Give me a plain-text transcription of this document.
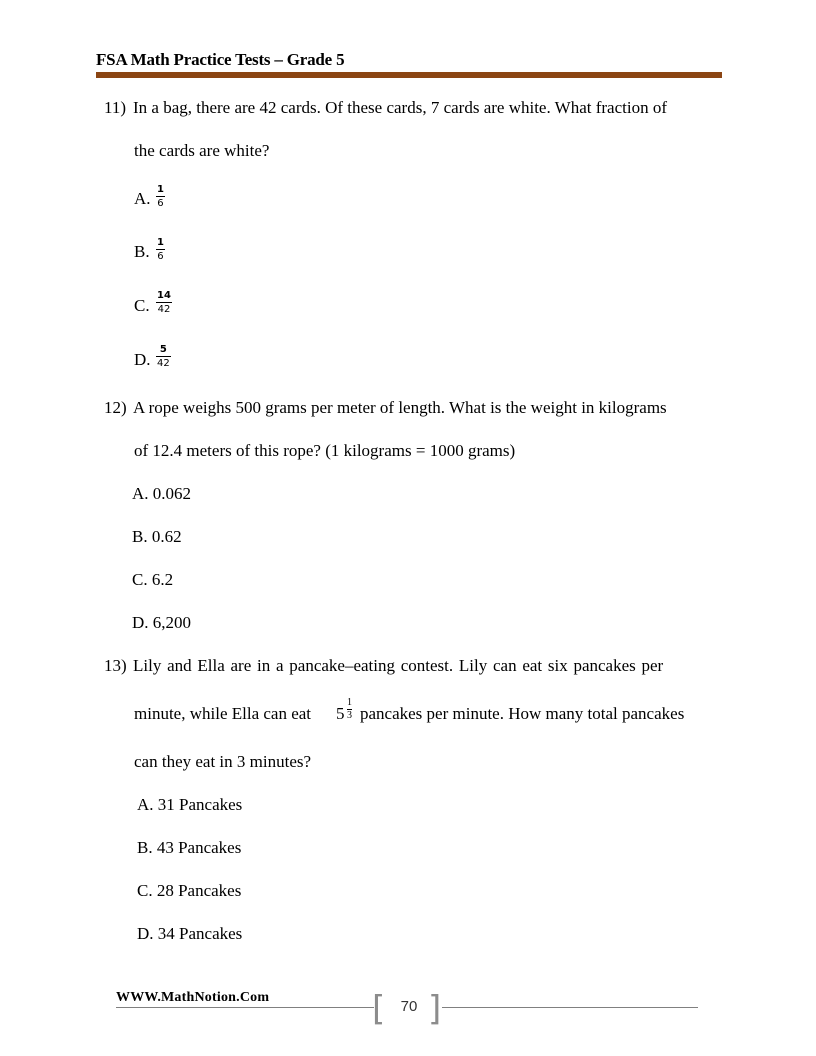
FSA Math Practice Tests – Grade 5
11) In a bag, there are 42 cards. Of these cards, 7 cards are white. What fraction of
the cards are white?
A. 1
6
B. 1
6
C.
14
42
D.
5
42
12) A rope weighs 500 grams per meter of length. What is the weight in kilograms
of 12.4 meters of this rope? (1 kilograms = 1000 grams)
A. 0.062
B. 0.62
C. 6.2
D. 6,200
13) Lily and Ella are in a pancake–eating contest. Lily can eat six pancakes per
minute, while Ella can eat 5
1
3 pancakes per minute. How many total pancakes
can they eat in 3 minutes?
A. 31 Pancakes
B. 43 Pancakes
C. 28 Pancakes
D. 34 Pancakes
WWW.MathNotion.Com	[ 70 ]
